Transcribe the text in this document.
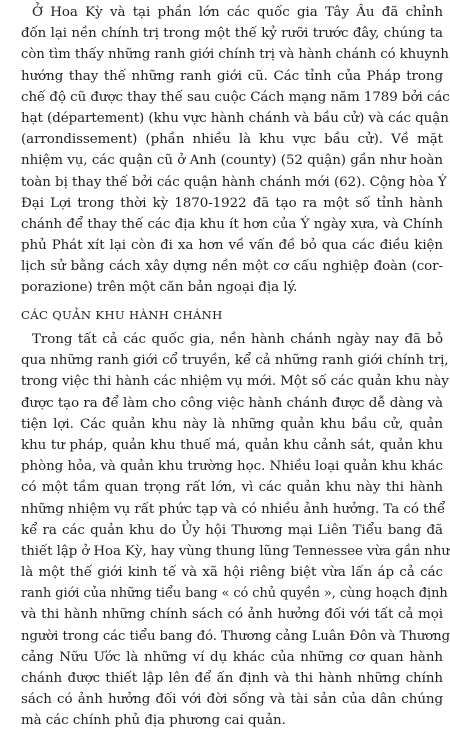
Ở Hoa Kỳ và tại phần lớn các quốc gia Tây Âu đã chỉnh
đốn lại nền chính trị trong một thế kỷ rưỡi trước đây, chúng ta
còn tìm thấy những ranh giới chính trị và hành chánh có khuynh
hướng thay thế những ranh giới cũ. Các tỉnh của Pháp trong
chế độ cũ được thay thế sau cuộc Cách mạng năm 1789 bởi các
hạt (département) (khu vực hành chánh và bầu cử) và các quận
(arrondissement) (phần nhiều là khu vực bầu cử). Về mặt
nhiệm vụ, các quận cũ ở Anh (county) (52 quận) gần như hoàn
toàn bị thay thế bởi các quận hành chánh mới (62). Cộng hòa Ý
Đại Lợi trong thời kỳ 1870-1922 đã tạo ra một số tỉnh hành
chánh để thay thế các địa khu ít hơn của Ý ngày xưa, và Chính
phủ Phát xít lại còn đi xa hơn về vấn đề bỏ qua các điều kiện
lịch sử bằng cách xây dựng nền một cơ cấu nghiệp đoàn (cor-
porazione) trên một căn bản ngoại địa lý.
CÁC QUẢN KHU HÀNH CHÁNH
Trong tất cả các quốc gia, nền hành chánh ngày nay đã bỏ
qua những ranh giới cổ truyền, kể cả những ranh giới chính trị,
trong việc thi hành các nhiệm vụ mới. Một số các quản khu này
được tạo ra để làm cho công việc hành chánh được dễ dàng và
tiện lợi. Các quản khu này là những quản khu bầu cử, quản
khu tư pháp, quản khu thuế má, quản khu cảnh sát, quản khu
phòng hỏa, và quản khu trường học. Nhiều loại quản khu khác
có một tầm quan trọng rất lớn, vì các quản khu này thi hành
những nhiệm vụ rất phức tạp và có nhiều ảnh hưởng. Ta có thể
kể ra các quản khu do Ủy hội Thương mại Liên Tiểu bang đã
thiết lập ở Hoa Kỳ, hay vùng thung lũng Tennessee vừa gần như
là một thế giới kinh tế và xã hội riêng biệt vừa lấn áp cả các
ranh giới của những tiểu bang « có chủ quyền », cùng hoạch định
và thi hành những chính sách có ảnh hưởng đối với tất cả mọi
người trong các tiểu bang đó. Thương cảng Luân Đôn và Thương
cảng Nữu Ước là những ví dụ khác của những cơ quan hành
chánh được thiết lập lên để ấn định và thi hành những chính
sách có ảnh hưởng đối với đời sống và tài sản của dân chúng
mà các chính phủ địa phương cai quản.
